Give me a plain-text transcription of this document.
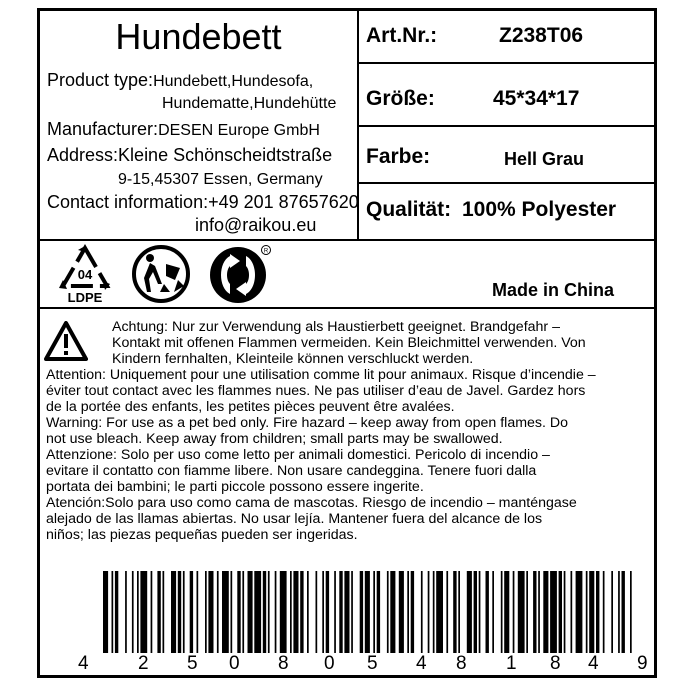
Hundebett
Product type:Hundebett,Hundesofa,
Hundematte,Hundehütte
Manufacturer:DESEN Europe GmbH
Address:Kleine Schönscheidtstraße
9-15,45307 Essen, Germany
Contact information:+49 201 87657620
info@raikou.eu
Art.Nr.:	Z238T06
Größe:	45*34*17
Farbe:	Hell Grau
Qualität: 100% Polyester
04
LDPE
R
Made in China
Achtung: Nur zur Verwendung als Haustierbett geeignet. Brandgefahr –
Kontakt mit offenen Flammen vermeiden. Kein Bleichmittel verwenden. Von
Kindern fernhalten, Kleinteile können verschluckt werden.
Attention: Uniquement pour une utilisation comme lit pour animaux. Risque d’incendie –
éviter tout contact avec les flammes nues. Ne pas utiliser d’eau de Javel. Gardez hors
de la portée des enfants, les petites pièces peuvent être avalées.
Warning: For use as a pet bed only. Fire hazard – keep away from open flames. Do
not use bleach. Keep away from children; small parts may be swallowed.
Attenzione: Solo per uso come letto per animali domestici. Pericolo di incendio –
evitare il contatto con fiamme libere. Non usare candeggina. Tenere fuori dalla
portata dei bambini; le parti piccole possono essere ingerite.
Atención:Solo para uso como cama de mascotas. Riesgo de incendio – manténgase
alejado de las llamas abiertas. No usar lejía. Mantener fuera del alcance de los
niños; las piezas pequeñas pueden ser ingeridas.
4	2 5 0 8 0 5 4 8 1 8 4 9
